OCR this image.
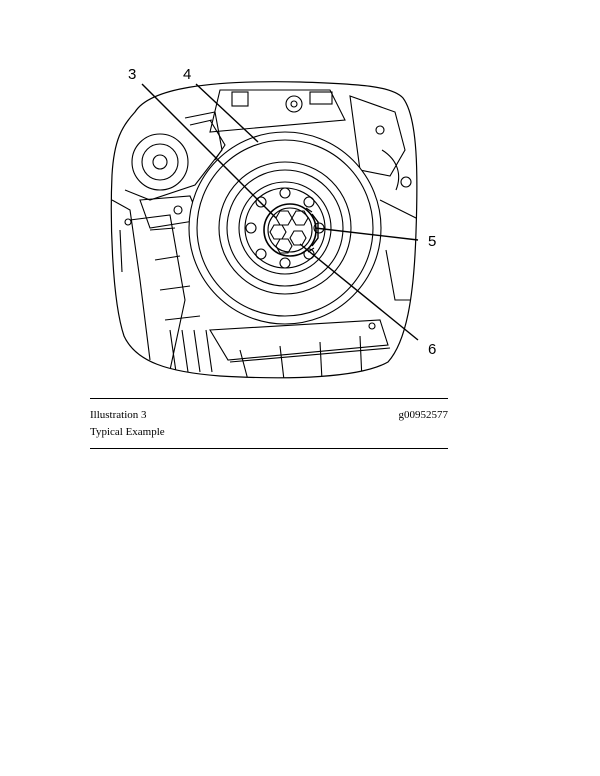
3	4
5
6
Illustration 3	g00952577
Typical Example
